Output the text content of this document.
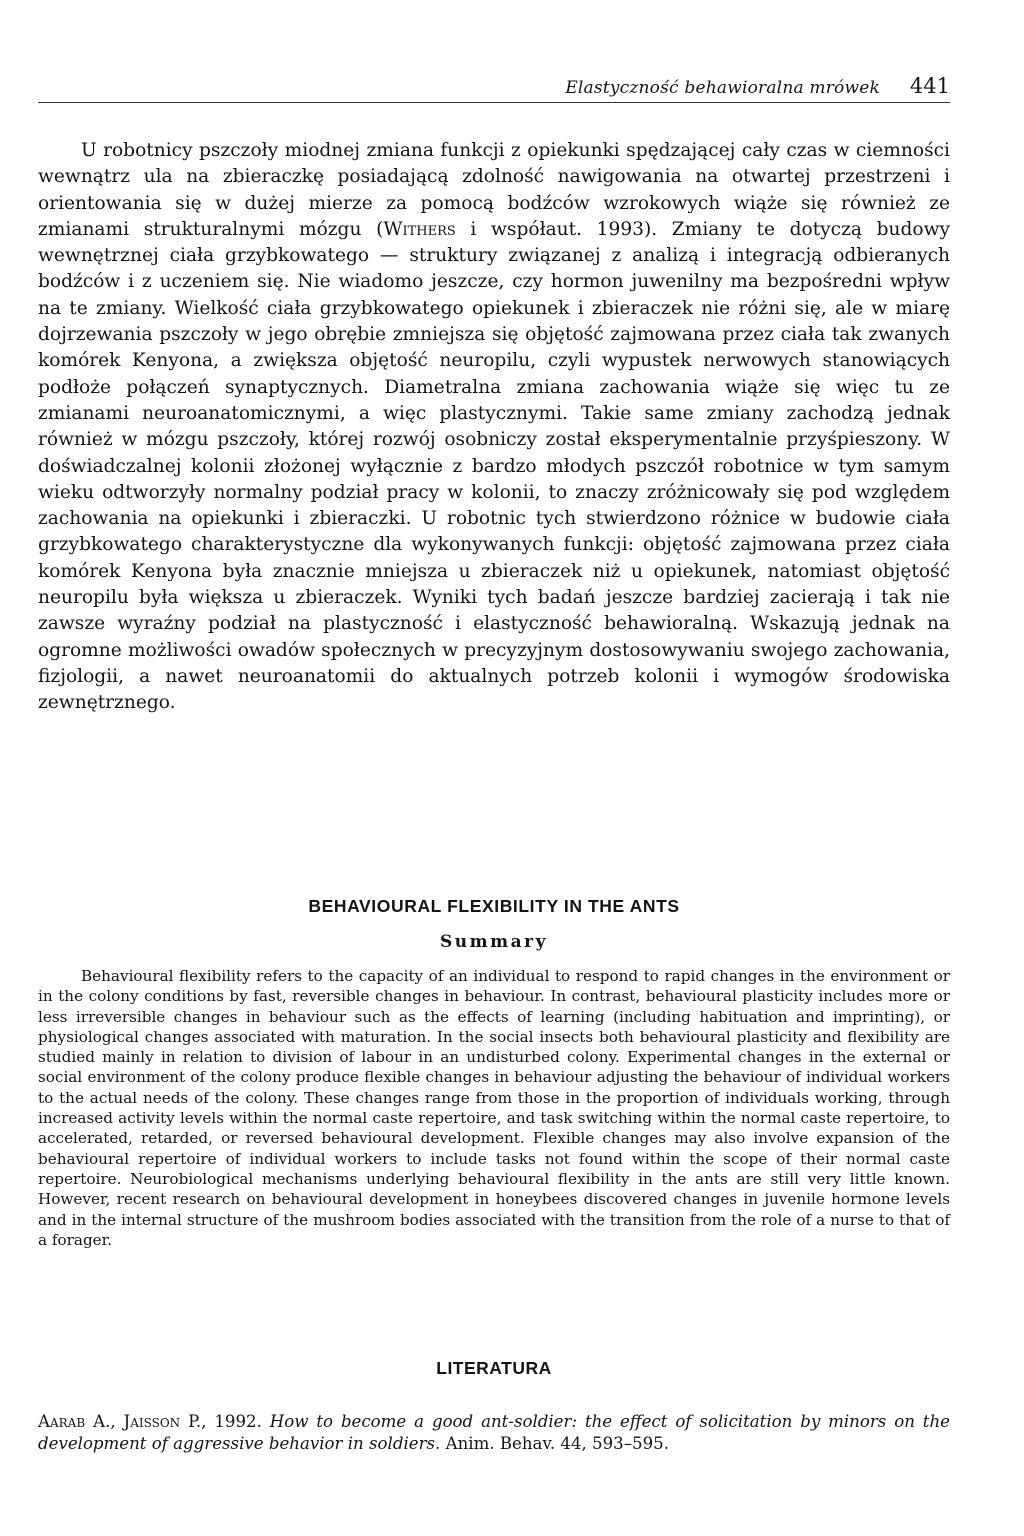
Elastyczność behawioralna mrówek 441

U robotnicy pszczoły miodnej zmiana funkcji z opiekunki spędzającej cały czas w ciemności wewnątrz ula na zbieraczkę posiadającą zdolność nawigowania na otwartej przestrzeni i orientowania się w dużej mierze za pomocą bodźców wzrokowych wiąże się również ze zmianami strukturalnymi mózgu (Withers i współaut. 1993). Zmiany te dotyczą budowy wewnętrznej ciała grzybkowatego — struktury związanej z analizą i integracją odbieranych bodźców i z uczeniem się. Nie wiadomo jeszcze, czy hormon juwenilny ma bezpośredni wpływ na te zmiany. Wielkość ciała grzybkowatego opiekunek i zbieraczek nie różni się, ale w miarę dojrzewania pszczoły w jego obrębie zmniejsza się objętość zajmowana przez ciała tak zwanych komórek Kenyona, a zwiększa objętość neuropilu, czyli wypustek nerwowych stanowiących podłoże połączeń synaptycznych. Diametralna zmiana zachowania wiąże się więc tu ze zmianami neuroanatomicznymi, a więc plastycznymi. Takie same zmiany zachodzą jednak również w mózgu pszczoły, której rozwój osobniczy został eksperymentalnie przyśpieszony. W doświadczalnej kolonii złożonej wyłącznie z bardzo młodych pszczół robotnice w tym samym wieku odtworzyły normalny podział pracy w kolonii, to znaczy zróżnicowały się pod względem zachowania na opiekunki i zbieraczki. U robotnic tych stwierdzono różnice w budowie ciała grzybkowatego charakterystyczne dla wykonywanych funkcji: objętość zajmowana przez ciała komórek Kenyona była znacznie mniejsza u zbieraczek niż u opiekunek, natomiast objętość neuropilu była większa u zbieraczek. Wyniki tych badań jeszcze bardziej zacierają i tak nie zawsze wyraźny podział na plastyczność i elastyczność behawioralną. Wskazują jednak na ogromne możliwości owadów społecznych w precyzyjnym dostosowywaniu swojego zachowania, fizjologii, a nawet neuroanatomii do aktualnych potrzeb kolonii i wymogów środowiska zewnętrznego.

BEHAVIOURAL FLEXIBILITY IN THE ANTS
Summary

Behavioural flexibility refers to the capacity of an individual to respond to rapid changes in the environment or in the colony conditions by fast, reversible changes in behaviour. In contrast, behavioural plasticity includes more or less irreversible changes in behaviour such as the effects of learning (including habituation and imprinting), or physiological changes associated with maturation. In the social insects both behavioural plasticity and flexibility are studied mainly in relation to division of labour in an undisturbed colony. Experimental changes in the external or social environment of the colony produce flexible changes in behaviour adjusting the behaviour of individual workers to the actual needs of the colony. These changes range from those in the proportion of individuals working, through increased activity levels within the normal caste repertoire, and task switching within the normal caste repertoire, to accelerated, retarded, or reversed behavioural development. Flexible changes may also involve expansion of the behavioural repertoire of individual workers to include tasks not found within the scope of their normal caste repertoire. Neurobiological mechanisms underlying behavioural flexibility in the ants are still very little known. However, recent research on behavioural development in honeybees discovered changes in juvenile hormone levels and in the internal structure of the mushroom bodies associated with the transition from the role of a nurse to that of a forager.

LITERATURA

Aarab A., Jaisson P., 1992. How to become a good ant-soldier: the effect of solicitation by minors on the development of aggressive behavior in soldiers. Anim. Behav. 44, 593–595.
